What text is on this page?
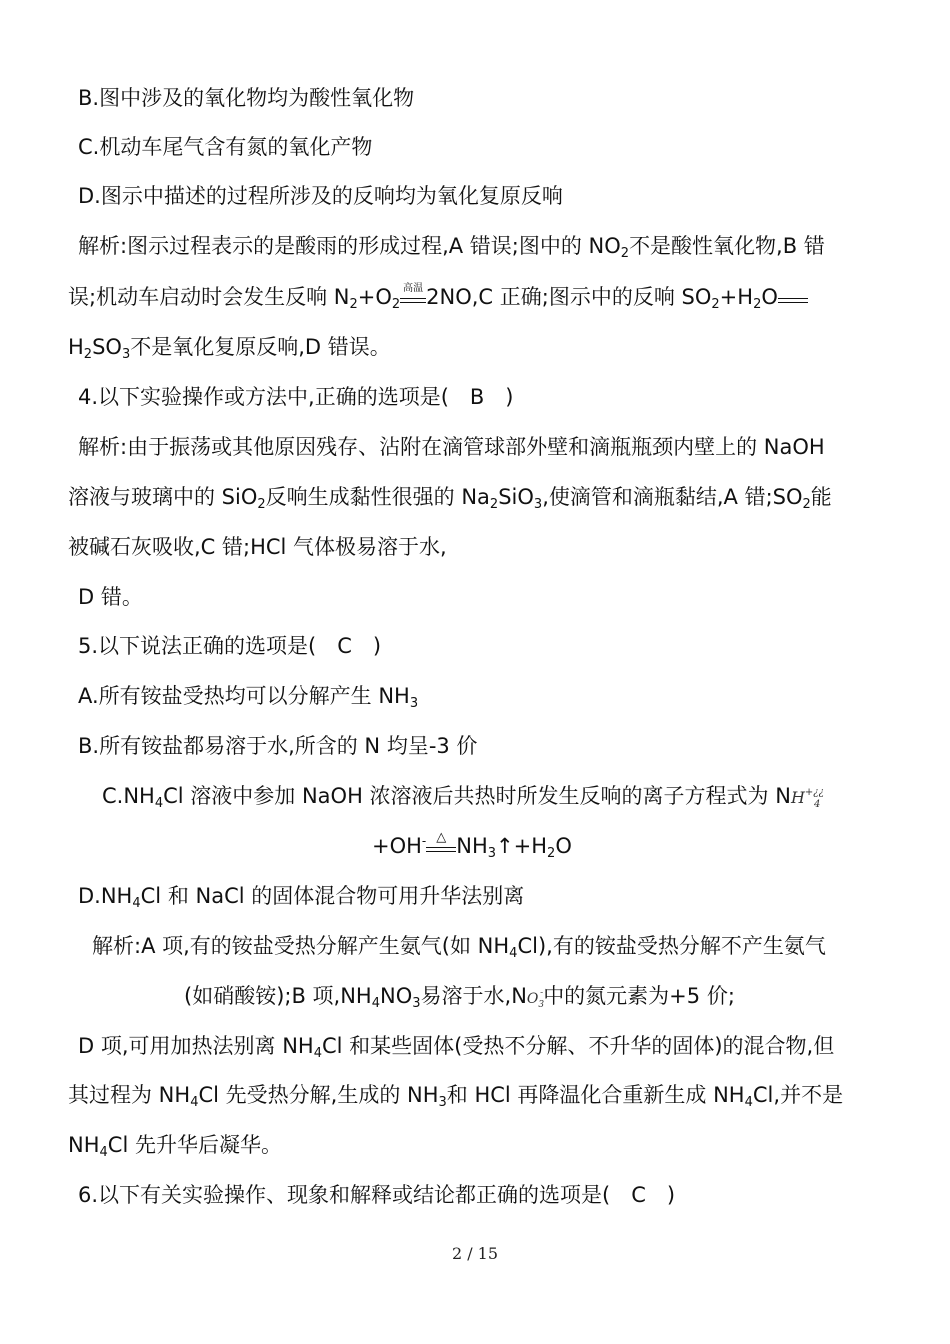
B.图中涉及的氧化物均为酸性氧化物
C.机动车尾气含有氮的氧化产物
D.图示中描述的过程所涉及的反响均为氧化复原反响
解析:图示过程表示的是酸雨的形成过程,A 错误;图中的 $NO_2$不是酸性氧化物,B 错
误;机动车启动时会发生反响 $N_2+O_2$
高温 2NO,C 正确;图示中的反响 $SO_2+H_2O$
$H_2SO_3$不是氧化复原反响,D 错误。
4.以下实验操作或方法中,正确的选项是(　B　)
解析:由于振荡或其他原因残存、沾附在滴管球部外壁和滴瓶瓶颈内壁上的 NaOH
溶液与玻璃中的 SiO$_2$反响生成黏性很强的 $Na_2SiO_3$,使滴管和滴瓶黏结,A 错$;SO_2$能
被碱石灰吸收,C 错;HCl 气体极易溶于水,
D 错。
5.以下说法正确的选项是(　C　)
A.所有铵盐受热均可以分解产生 $NH_3$
B.所有铵盐都易溶于水,所含的 N 均呈-3 价
$C.NH_4Cl$ 溶液中参加 NaOH 浓溶液后共热时所发生反响的离子方程式为 $NH^{+¿¿}_4$
+OH- △ $NH_3↑+H_2O$
$D.NH_4Cl$ 和 NaCl 的固体混合物可用升华法别离
解析:A 项,有的铵盐受热分解产生氨气(如 $NH_4Cl$),有的铵盐受热分解不产生氨气
(如硝酸铵);B 项$,NH_4NO_3$易溶于水$,NO_3^-$中的氮元素为+5 价;
D 项,可用加热法别离 $NH_4Cl$ 和某些固体(受热不分解、不升华的固体)的混合物,但
其过程为 $NH_4Cl$ 先受热分解,生成的 $NH_3$和 HCl 再降温化合重新生成 $NH_4Cl$,并不是
$NH_4Cl$ 先升华后凝华。
6.以下有关实验操作、现象和解释或结论都正确的选项是(　C　)
2 / 15
